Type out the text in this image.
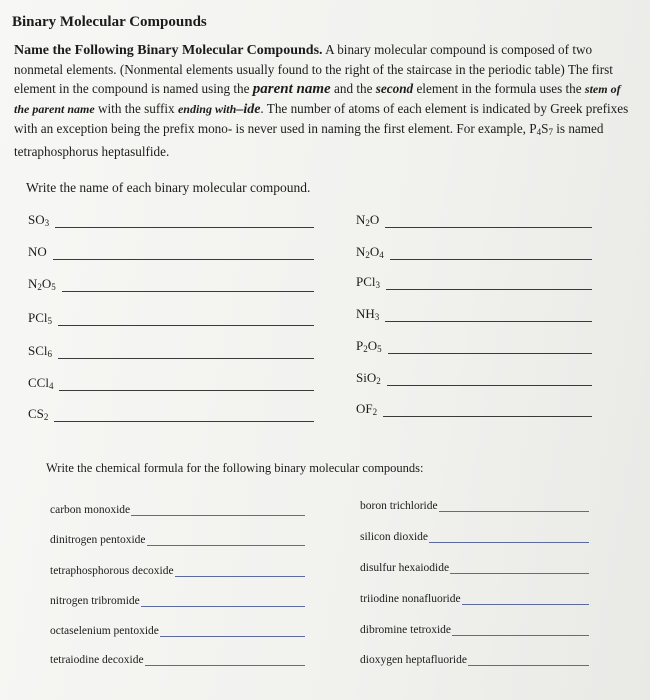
Binary Molecular Compounds
Name the Following Binary Molecular Compounds. A binary molecular compound is composed of two nonmetal elements. (Nonmental elements usually found to the right of the staircase in the periodic table) The first element in the compound is named using the parent name and the second element in the formula uses the stem of the parent name with the suffix ending with–ide. The number of atoms of each element is indicated by Greek prefixes with an exception being the prefix mono- is never used in naming the first element. For example, $P_4S_7$ is named tetraphosphorus heptasulfide.
Write the name of each binary molecular compound.
$SO_3$
NO
$N_2O_5$
PCl$_5$
SCl$_6$
CCl$_4$
$CS_2$
$N_2O$
$N_2O_4$
PCl$_3$
$NH_3$
$P_2O_5$
SiO$_2$
$OF_2$
Write the chemical formula for the following binary molecular compounds:
carbon monoxide
dinitrogen pentoxide
tetraphosphorous decoxide
nitrogen tribromide
octaselenium pentoxide
tetraiodine decoxide
boron trichloride
silicon dioxide
disulfur hexaiodide
triiodine nonafluoride
dibromine tetroxide
dioxygen heptafluoride
